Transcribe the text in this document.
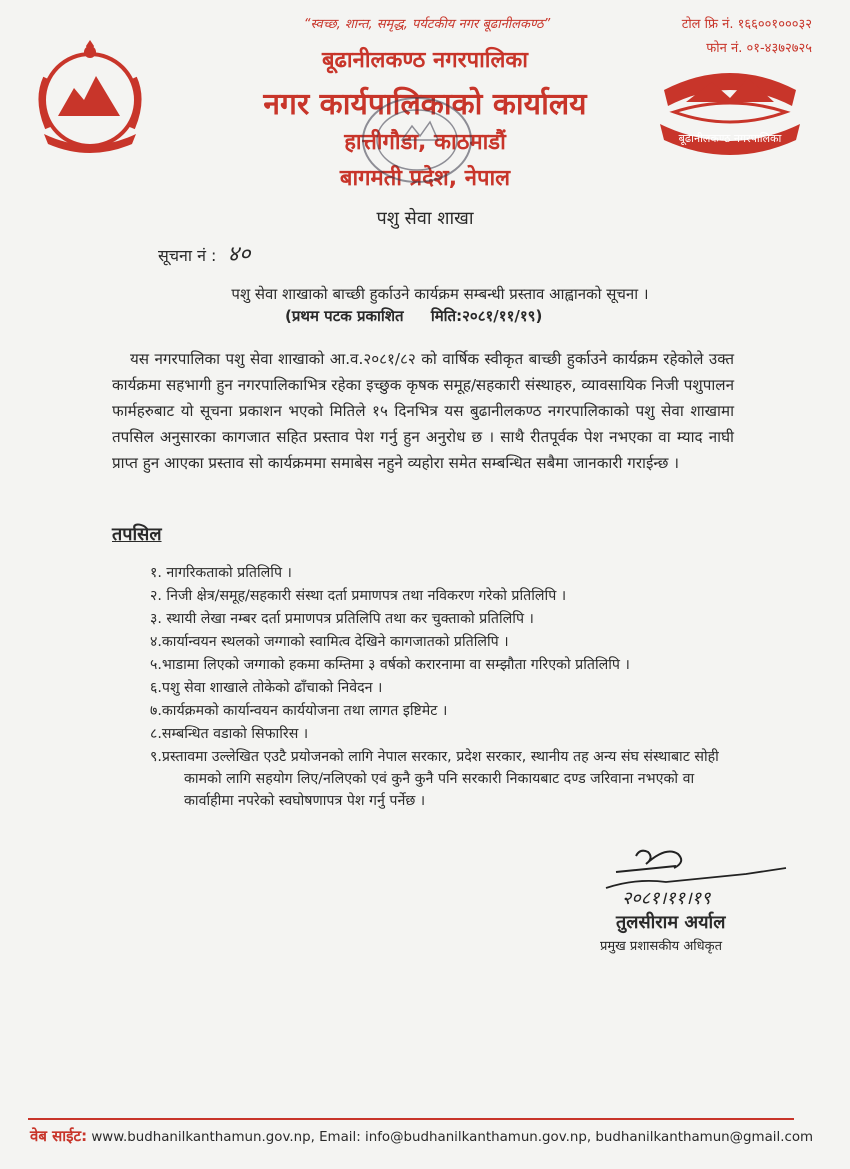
बूढानीलकण्ठ नगरपालिका
“स्वच्छ, शान्त, समृद्ध, पर्यटकीय नगर बूढानीलकण्ठ”	टोल फ्रि नं. १६६००१०००३२
फोन नं. ०१-४३७२७२५
बूढानीलकण्ठ नगरपालिका
नगर कार्यपालिकाको कार्यालय
हात्तीगौडा, काठमाडौं
बागमती प्रदेश, नेपाल
पशु सेवा शाखा
सूचना नं : ४०
पशु सेवा शाखाको बाच्छी हुर्काउने कार्यक्रम सम्बन्धी प्रस्ताव आह्वानको सूचना ।
(प्रथम पटक प्रकाशित मिति:२०८१/११/१९)
यस नगरपालिका पशु सेवा शाखाको आ.व.२०८१/८२ को वार्षिक स्वीकृत बाच्छी हुर्काउने कार्यक्रम रहेकोले उक्त कार्यक्रमा सहभागी हुन नगरपालिकाभित्र रहेका इच्छुक कृषक समूह/सहकारी संस्थाहरु, व्यावसायिक निजी पशुपालन फार्महरुबाट यो सूचना प्रकाशन भएको मितिले १५ दिनभित्र यस बुढानीलकण्ठ नगरपालिकाको पशु सेवा शाखामा तपसिल अनुसारका कागजात सहित प्रस्ताव पेश गर्नु हुन अनुरोध छ । साथै रीतपूर्वक पेश नभएका वा म्याद नाघी प्राप्त हुन आएका प्रस्ताव सो कार्यक्रममा समाबेस नहुने व्यहोरा समेत सम्बन्धित सबैमा जानकारी गराईन्छ ।
तपसिल
१. नागरिकताको प्रतिलिपि ।
२. निजी क्षेत्र/समूह/सहकारी संस्था दर्ता प्रमाणपत्र तथा नविकरण गरेको प्रतिलिपि ।
३. स्थायी लेखा नम्बर दर्ता प्रमाणपत्र प्रतिलिपि तथा कर चुक्ताको प्रतिलिपि ।
४.कार्यान्वयन स्थलको जग्गाको स्वामित्व देखिने कागजातको प्रतिलिपि ।
५.भाडामा लिएको जग्गाको हकमा कम्तिमा ३ वर्षको करारनामा वा सम्झौता गरिएको प्रतिलिपि ।
६.पशु सेवा शाखाले तोकेको ढाँचाको निवेदन ।
७.कार्यक्रमको कार्यान्वयन कार्ययोजना तथा लागत इष्टिमेट ।
८.सम्बन्धित वडाको सिफारिस ।
९.प्रस्तावमा उल्लेखित एउटै प्रयोजनको लागि नेपाल सरकार, प्रदेश सरकार, स्थानीय तह अन्य संघ संस्थाबाट सोही कामको लागि सहयोग लिए/नलिएको एवं कुनै कुनै पनि सरकारी निकायबाट दण्ड जरिवाना नभएको वा कार्वाहीमा नपरेको स्वघोषणापत्र पेश गर्नु पर्नेछ ।
२०८१।११।१९
तुलसीराम अर्याल
प्रमुख प्रशासकीय अधिकृत
वेब साईट: www.budhanilkanthamun.gov.np, Email: info@budhanilkanthamun.gov.np, budhanilkanthamun@gmail.com
